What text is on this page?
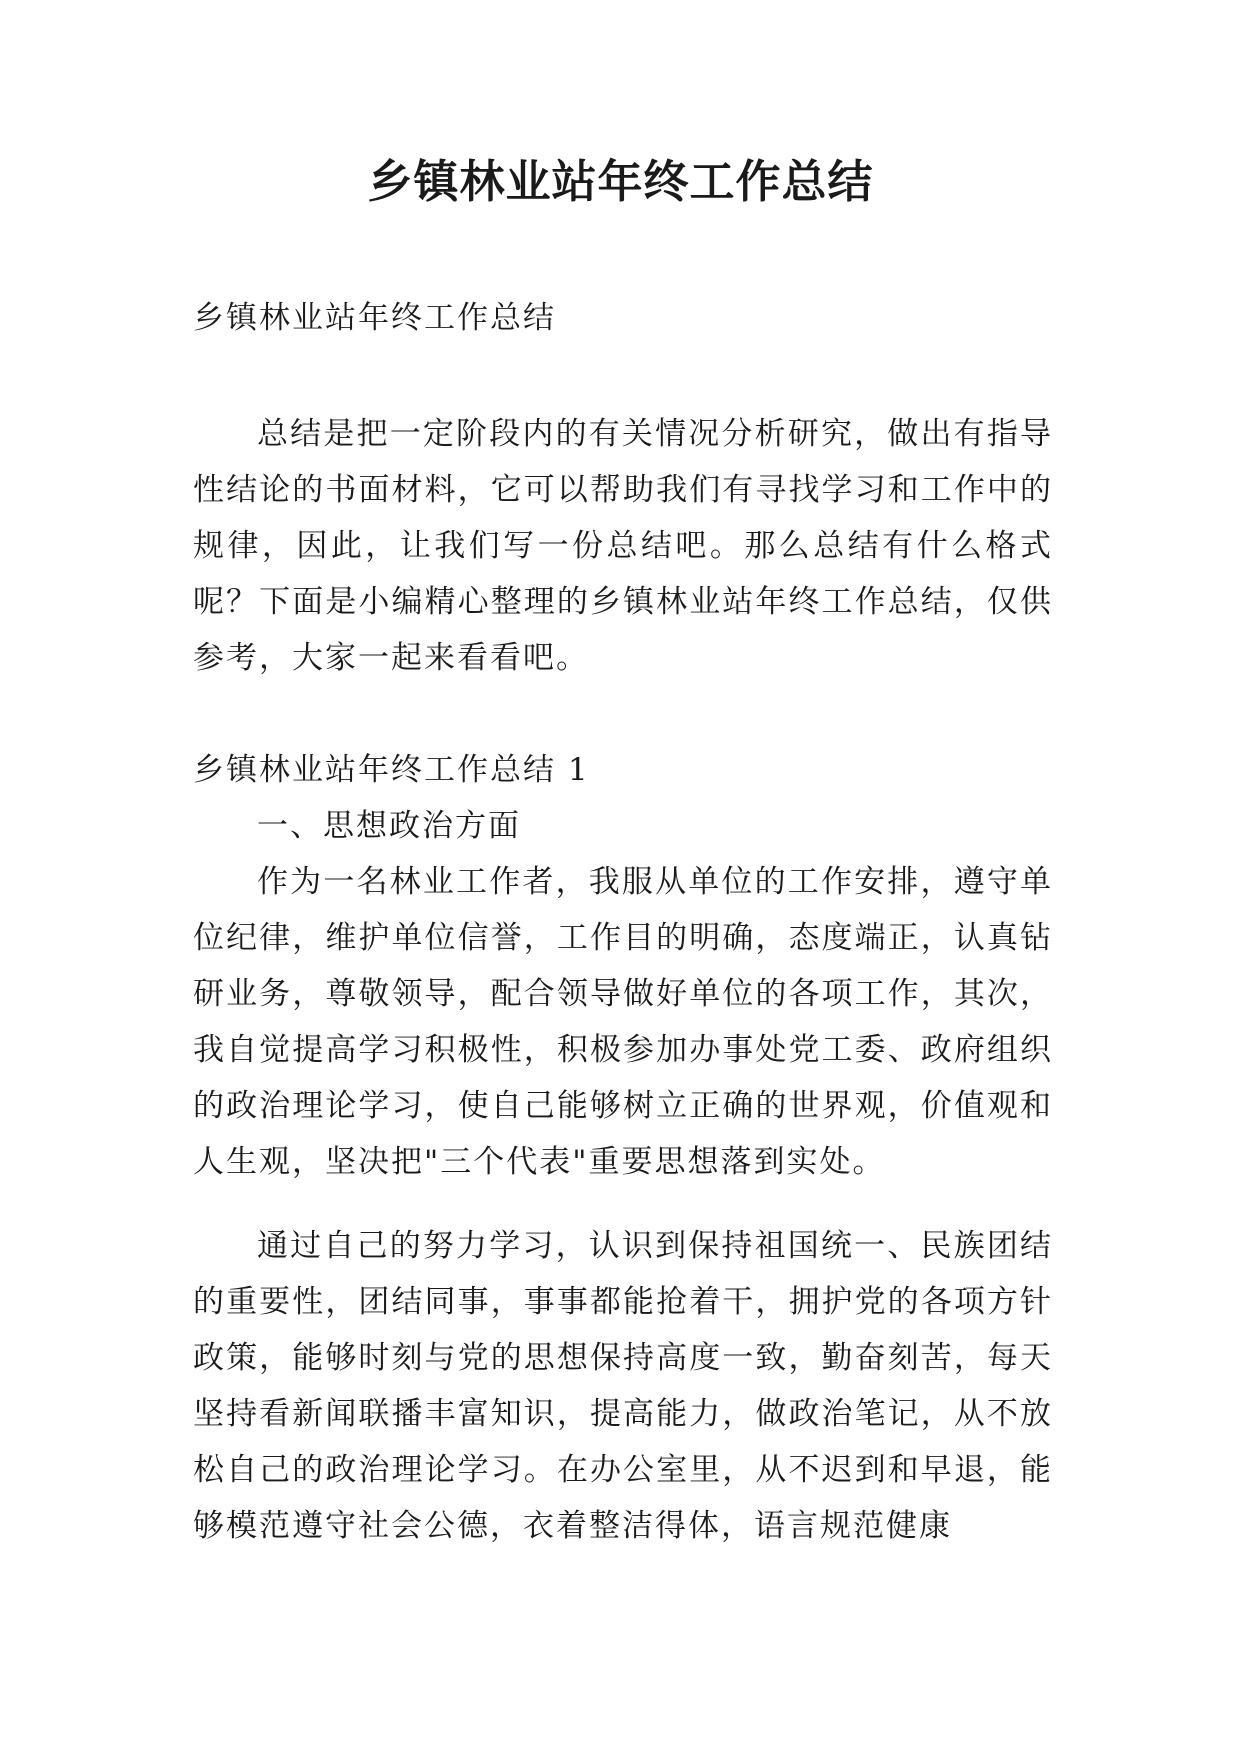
乡镇林业站年终工作总结

乡镇林业站年终工作总结

总结是把一定阶段内的有关情况分析研究，做出有指导性结论的书面材料，它可以帮助我们有寻找学习和工作中的规律，因此，让我们写一份总结吧。那么总结有什么格式呢？下面是小编精心整理的乡镇林业站年终工作总结，仅供参考，大家一起来看看吧。

乡镇林业站年终工作总结 1

一、思想政治方面

作为一名林业工作者，我服从单位的工作安排，遵守单位纪律，维护单位信誉，工作目的明确，态度端正，认真钻研业务，尊敬领导，配合领导做好单位的各项工作，其次，我自觉提高学习积极性，积极参加办事处党工委、政府组织的政治理论学习，使自己能够树立正确的世界观，价值观和人生观，坚决把"三个代表"重要思想落到实处。

通过自己的努力学习，认识到保持祖国统一、民族团结的重要性，团结同事，事事都能抢着干，拥护党的各项方针政策，能够时刻与党的思想保持高度一致，勤奋刻苦，每天坚持看新闻联播丰富知识，提高能力，做政治笔记，从不放松自己的政治理论学习。在办公室里，从不迟到和早退，能够模范遵守社会公德，衣着整洁得体，语言规范健康
